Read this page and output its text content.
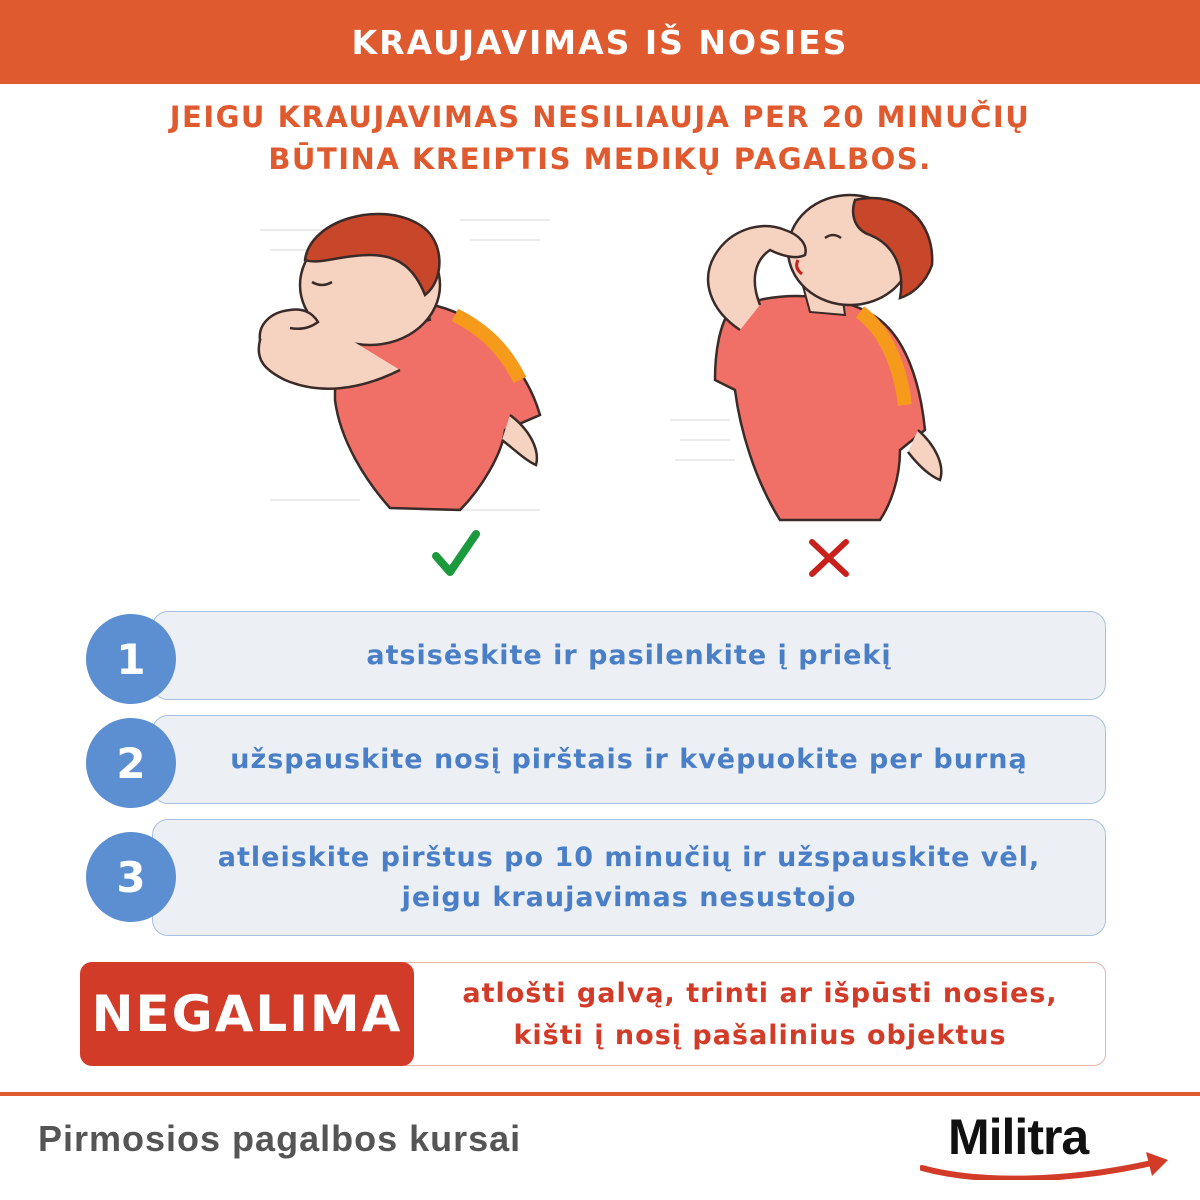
KRAUJAVIMAS IŠ NOSIES
JEIGU KRAUJAVIMAS NESILIAUJA PER 20 MINUČIŲ
BŪTINA KREIPTIS MEDIKŲ PAGALBOS.
atsisėskite ir pasilenkite į priekį
1
užspauskite nosį pirštais ir kvėpuokite per burną
2
atleiskite pirštus po 10 minučių ir užspauskite vėl,
jeigu kraujavimas nesustojo
3
NEGALIMA	atlošti galvą, trinti ar išpūsti nosies,
kišti į nosį pašalinius objektus
Pirmosios pagalbos kursai	Militra
